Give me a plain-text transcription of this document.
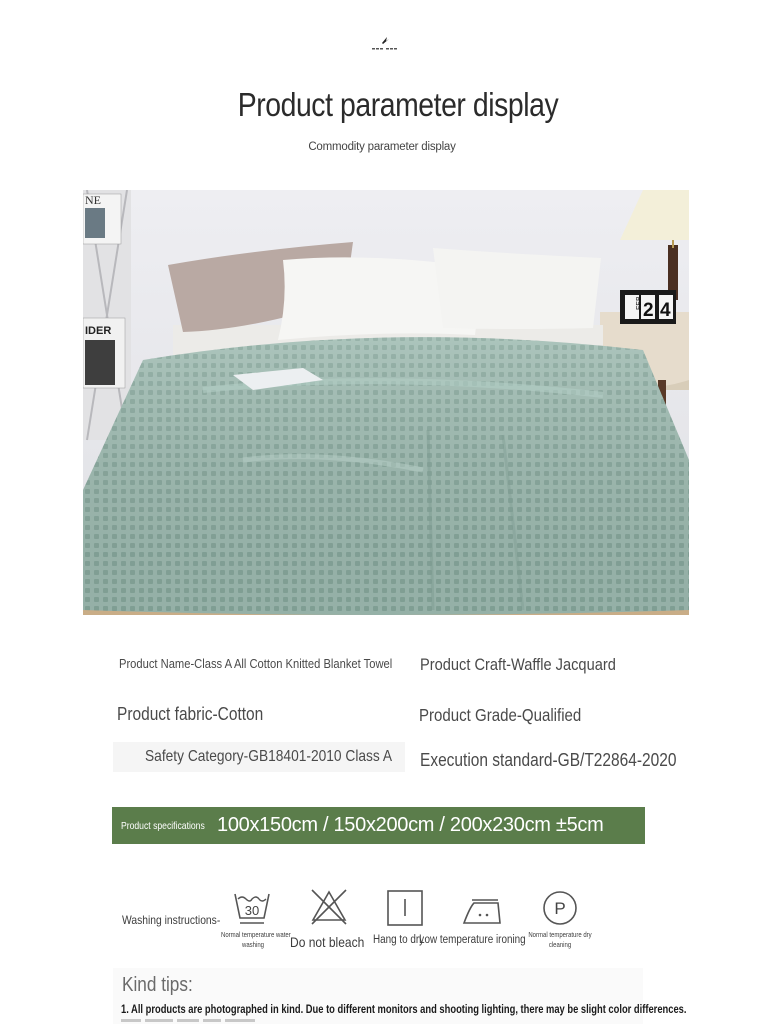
Product parameter display
Commodity parameter display
NE
IDER
FEB 2 4
Product Name-Class A All Cotton Knitted Blanket Towel Product Craft-Waffle Jacquard
Product fabric-Cotton	Product Grade-Qualified
Safety Category-GB18401-2010 Class A Execution standard-GB/T22864-2020
Product specifications 100x150cm / 150x200cm / 200x230cm ±5cm
Washing instructions-
30
Normal temperature water
washing	Do not bleach Hang to dry
Low temperature ironing
P
Normal temperature dry
cleaning
Kind tips:
1. All products are photographed in kind. Due to different monitors and shooting lighting, there may be slight color differences.
